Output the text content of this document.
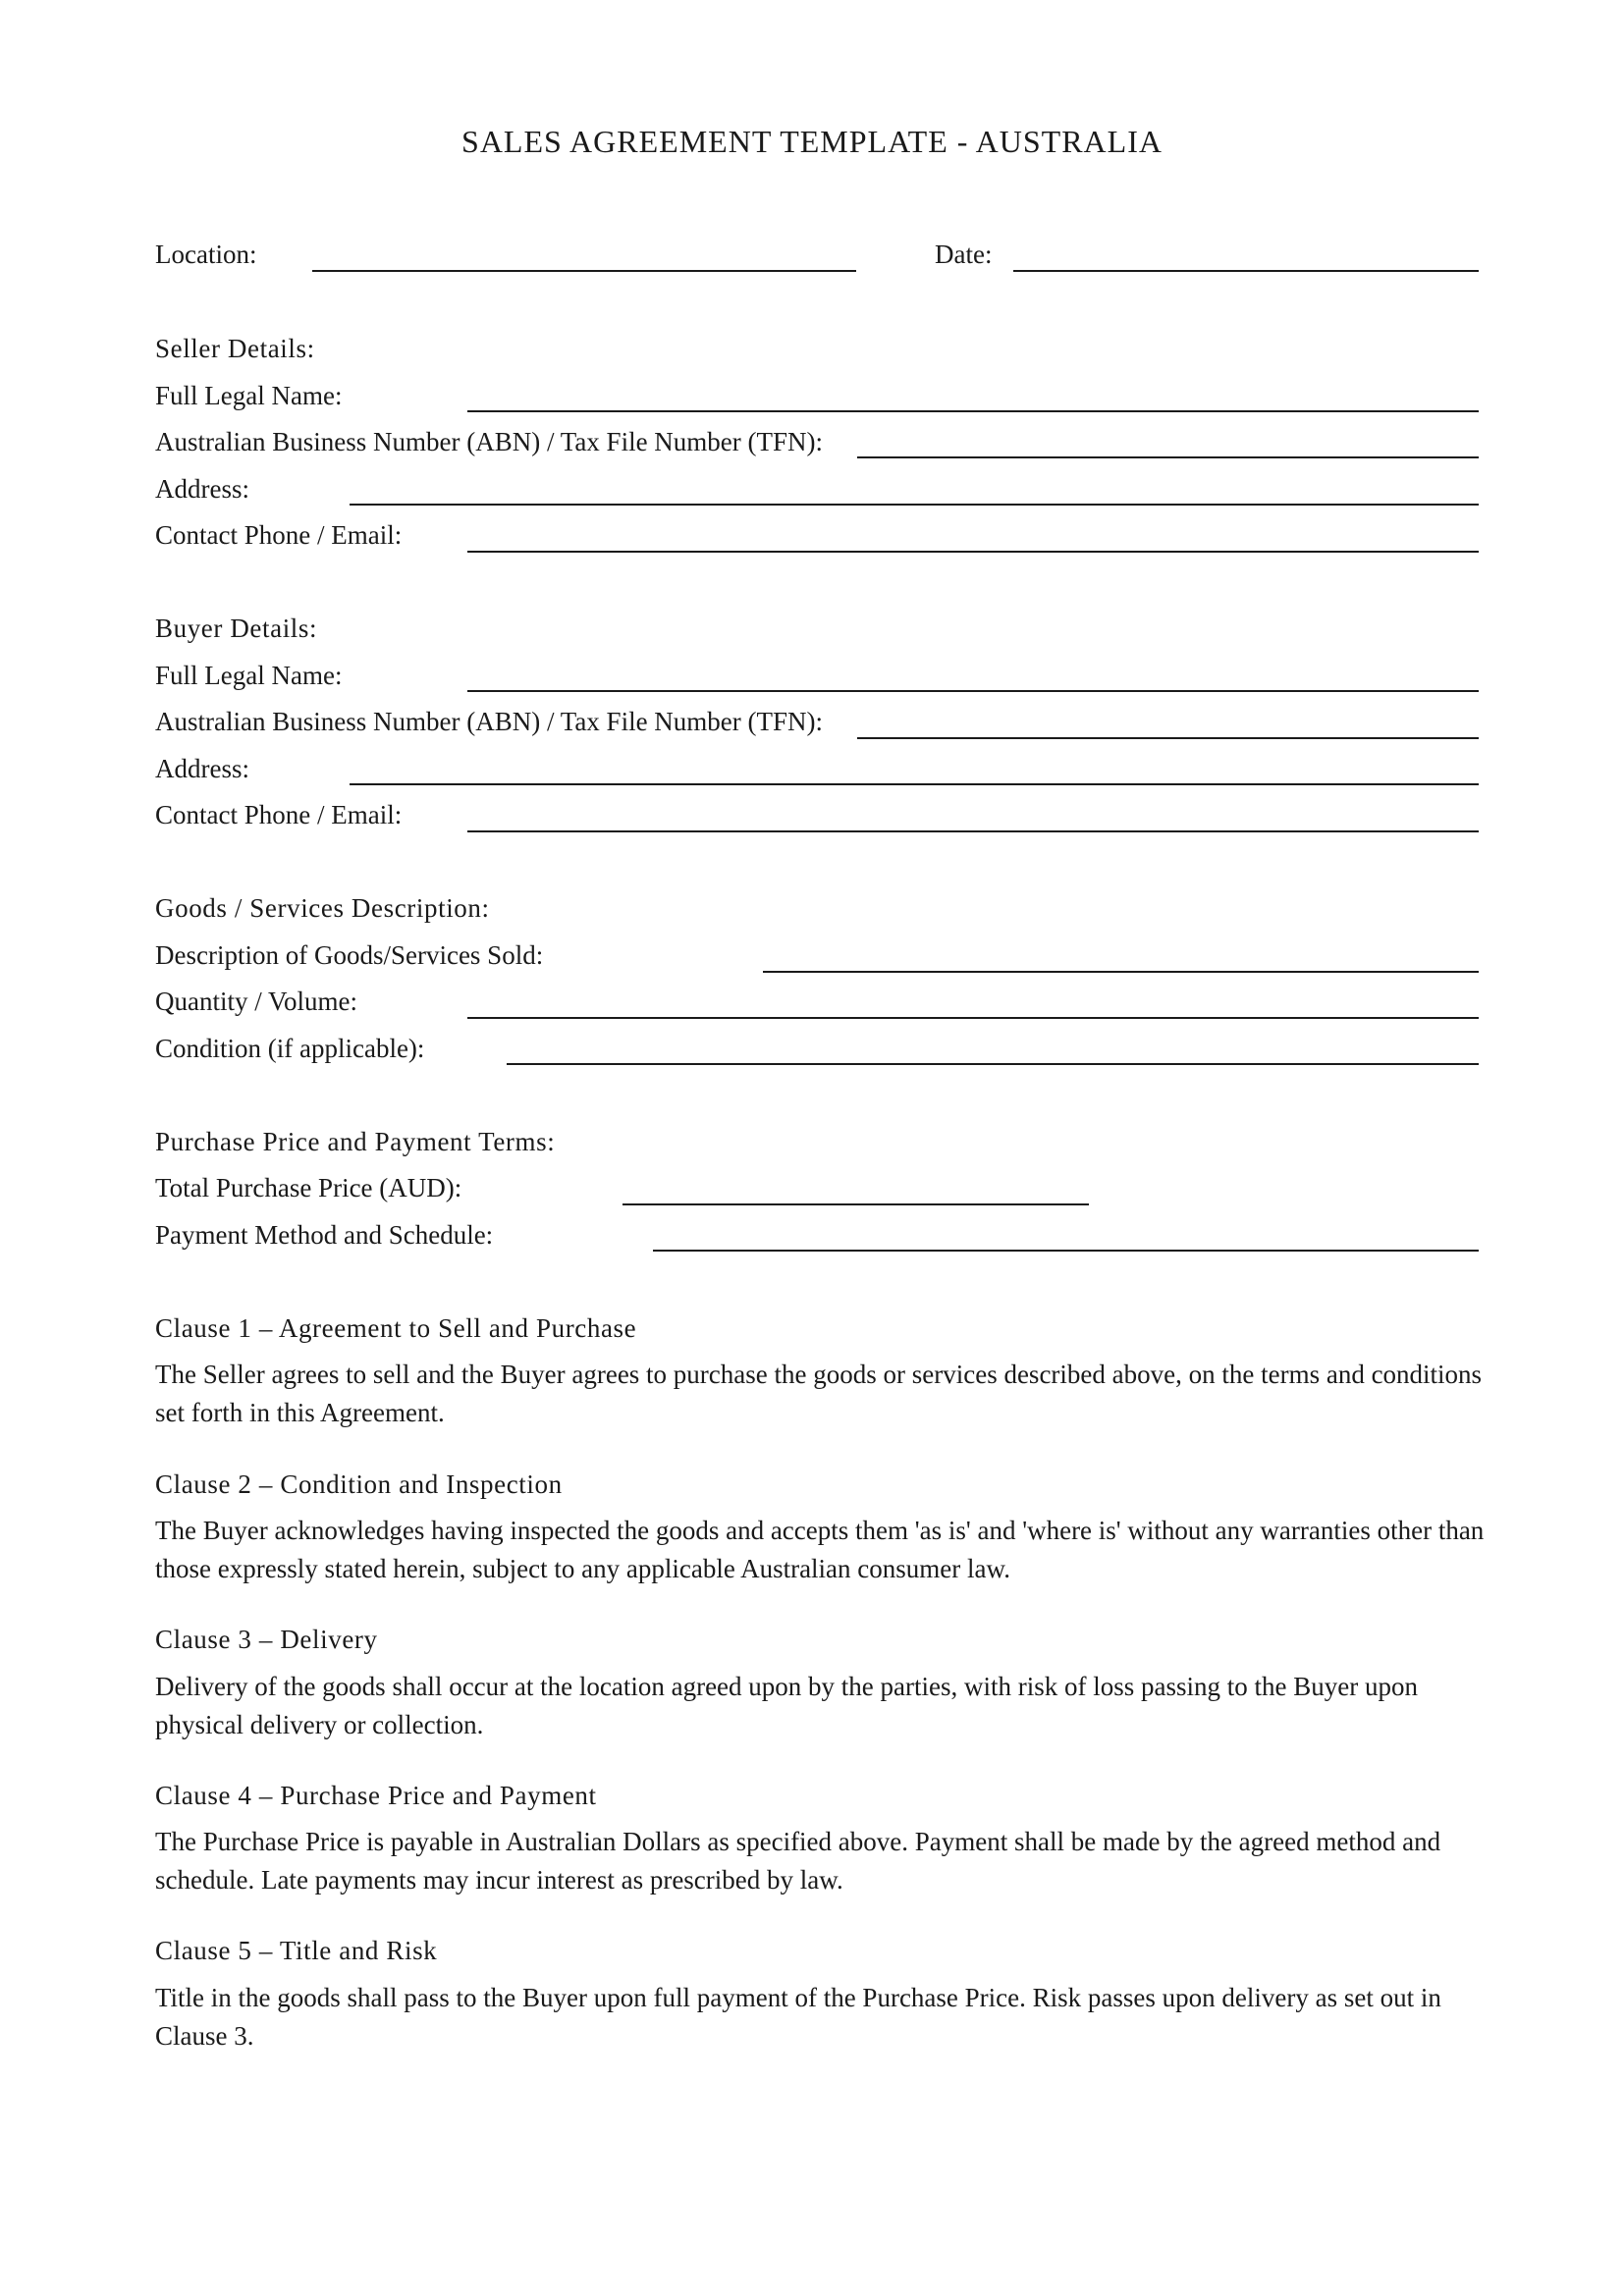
SALES AGREEMENT TEMPLATE - AUSTRALIA
Location:	Date:
Seller Details:
Full Legal Name:
Australian Business Number (ABN) / Tax File Number (TFN):
Address:
Contact Phone / Email:
Buyer Details:
Full Legal Name:
Australian Business Number (ABN) / Tax File Number (TFN):
Address:
Contact Phone / Email:
Goods / Services Description:
Description of Goods/Services Sold:
Quantity / Volume:
Condition (if applicable):
Purchase Price and Payment Terms:
Total Purchase Price (AUD):
Payment Method and Schedule:
Clause 1 – Agreement to Sell and Purchase
The Seller agrees to sell and the Buyer agrees to purchase the goods or services described above, on the terms and conditions set forth in this Agreement.
Clause 2 – Condition and Inspection
The Buyer acknowledges having inspected the goods and accepts them 'as is' and 'where is' without any warranties other than those expressly stated herein, subject to any applicable Australian consumer law.
Clause 3 – Delivery
Delivery of the goods shall occur at the location agreed upon by the parties, with risk of loss passing to the Buyer upon physical delivery or collection.
Clause 4 – Purchase Price and Payment
The Purchase Price is payable in Australian Dollars as specified above. Payment shall be made by the agreed method and schedule. Late payments may incur interest as prescribed by law.
Clause 5 – Title and Risk
Title in the goods shall pass to the Buyer upon full payment of the Purchase Price. Risk passes upon delivery as set out in Clause 3.
